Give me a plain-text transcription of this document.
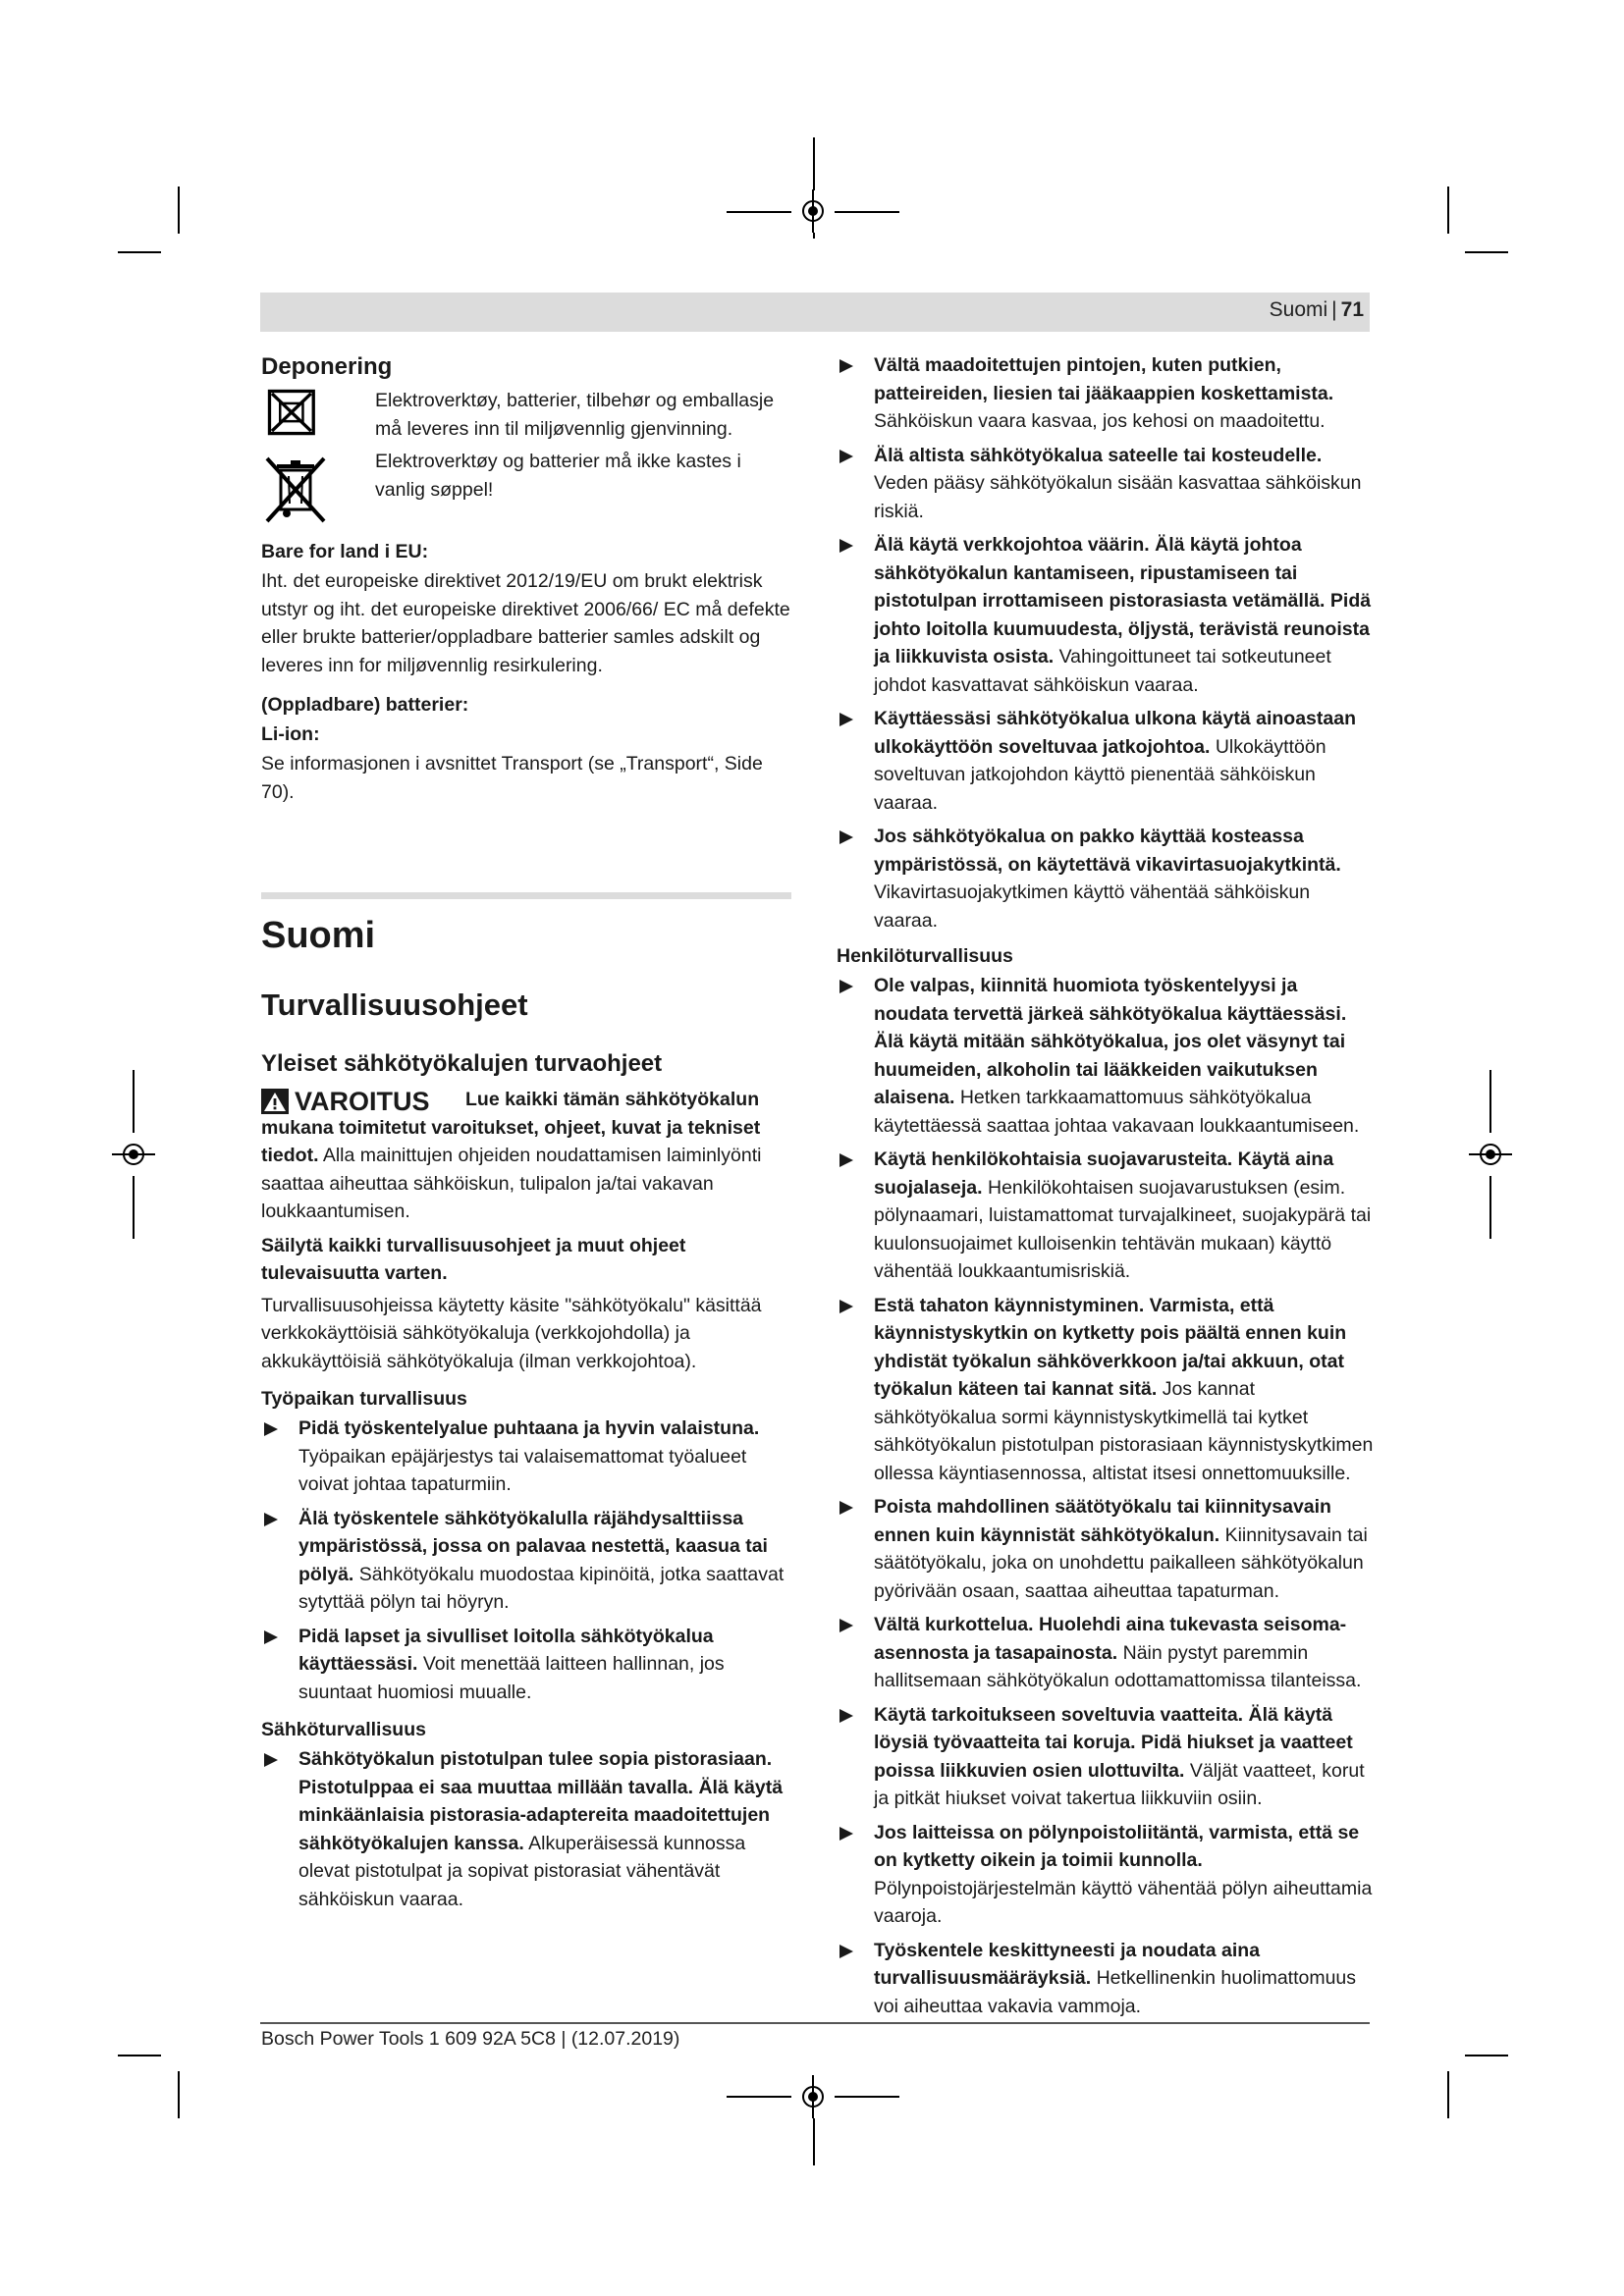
Suomi | 71
Deponering
Elektroverktøy, batterier, tilbehør og emballasje må leveres inn til miljøvennlig gjenvinning.
Elektroverktøy og batterier må ikke kastes i vanlig søppel!
Bare for land i EU:

Iht. det europeiske direktivet 2012/19/EU om brukt elektrisk utstyr og iht. det europeiske direktivet 2006/66/ EC må defekte eller brukte batterier/oppladbare batterier samles adskilt og leveres inn for miljøvennlig resirkulering.

(Oppladbare) batterier:
Li-ion:

Se informasjonen i avsnittet Transport (se „Transport“, Side 70).

Suomi
Turvallisuusohjeet
Yleiset sähkötyökalujen turvaohjeet
VAROITUS	Lue kaikki tämän sähkötyökalun mukana toimitetut varoitukset, ohjeet, kuvat ja tekniset tiedot. Alla mainittujen ohjeiden noudattamisen laiminlyönti saattaa aiheuttaa sähköiskun, tulipalon ja/tai vakavan loukkaantumisen.

Säilytä kaikki turvallisuusohjeet ja muut ohjeet tulevaisuutta varten.

Turvallisuusohjeissa käytetty käsite "sähkötyökalu" käsittää verkkokäyttöisiä sähkötyökaluja (verkkojohdolla) ja akkukäyttöisiä sähkötyökaluja (ilman verkkojohtoa).

Työpaikan turvallisuus
Pidä työskentelyalue puhtaana ja hyvin valaistuna. Työpaikan epäjärjestys tai valaisemattomat työalueet voivat johtaa tapaturmiin.
Älä työskentele sähkötyökalulla räjähdysalttiissa ympäristössä, jossa on palavaa nestettä, kaasua tai pölyä. Sähkötyökalu muodostaa kipinöitä, jotka saattavat sytyttää pölyn tai höyryn.
Pidä lapset ja sivulliset loitolla sähkötyökalua käyttäessäsi. Voit menettää laitteen hallinnan, jos suuntaat huomiosi muualle.
Sähköturvallisuus
Sähkötyökalun pistotulpan tulee sopia pistorasiaan. Pistotulppaa ei saa muuttaa millään tavalla. Älä käytä minkäänlaisia pistorasia-adaptereita maadoitettujen sähkötyökalujen kanssa. Alkuperäisessä kunnossa olevat pistotulpat ja sopivat pistorasiat vähentävät sähköiskun vaaraa.
Vältä maadoitettujen pintojen, kuten putkien, patteireiden, liesien tai jääkaappien koskettamista. Sähköiskun vaara kasvaa, jos kehosi on maadoitettu.
Älä altista sähkötyökalua sateelle tai kosteudelle. Veden pääsy sähkötyökalun sisään kasvattaa sähköiskun riskiä.
Älä käytä verkkojohtoa väärin. Älä käytä johtoa sähkötyökalun kantamiseen, ripustamiseen tai pistotulpan irrottamiseen pistorasiasta vetämällä. Pidä johto loitolla kuumuudesta, öljystä, terävistä reunoista ja liikkuvista osista. Vahingoittuneet tai sotkeutuneet johdot kasvattavat sähköiskun vaaraa.
Käyttäessäsi sähkötyökalua ulkona käytä ainoastaan ulkokäyttöön soveltuvaa jatkojohtoa. Ulkokäyttöön soveltuvan jatkojohdon käyttö pienentää sähköiskun vaaraa.
Jos sähkötyökalua on pakko käyttää kosteassa ympäristössä, on käytettävä vikavirtasuojakytkintä. Vikavirtasuojakytkimen käyttö vähentää sähköiskun vaaraa.
Henkilöturvallisuus
Ole valpas, kiinnitä huomiota työskentelyysi ja noudata tervettä järkeä sähkötyökalua käyttäessäsi. Älä käytä mitään sähkötyökalua, jos olet väsynyt tai huumeiden, alkoholin tai lääkkeiden vaikutuksen alaisena. Hetken tarkkaamattomuus sähkötyökalua käytettäessä saattaa johtaa vakavaan loukkaantumiseen.
Käytä henkilökohtaisia suojavarusteita. Käytä aina suojalaseja. Henkilökohtaisen suojavarustuksen (esim. pölynaamari, luistamattomat turvajalkineet, suojakypärä tai kuulonsuojaimet kulloisenkin tehtävän mukaan) käyttö vähentää loukkaantumisriskiä.
Estä tahaton käynnistyminen. Varmista, että käynnistyskytkin on kytketty pois päältä ennen kuin yhdistät työkalun sähköverkkoon ja/tai akkuun, otat työkalun käteen tai kannat sitä. Jos kannat sähkötyökalua sormi käynnistyskytkimellä tai kytket sähkötyökalun pistotulpan pistorasiaan käynnistyskytkimen ollessa käyntiasennossa, altistat itsesi onnettomuuksille.
Poista mahdollinen säätötyökalu tai kiinnitysavain ennen kuin käynnistät sähkötyökalun. Kiinnitysavain tai säätötyökalu, joka on unohdettu paikalleen sähkötyökalun pyörivään osaan, saattaa aiheuttaa tapaturman.
Vältä kurkottelua. Huolehdi aina tukevasta seisoma-asennosta ja tasapainosta. Näin pystyt paremmin hallitsemaan sähkötyökalun odottamattomissa tilanteissa.
Käytä tarkoitukseen soveltuvia vaatteita. Älä käytä löysiä työvaatteita tai koruja. Pidä hiukset ja vaatteet poissa liikkuvien osien ulottuvilta. Väljät vaatteet, korut ja pitkät hiukset voivat takertua liikkuviin osiin.
Jos laitteissa on pölynpoistoliitäntä, varmista, että se on kytketty oikein ja toimii kunnolla. Pölynpoistojärjestelmän käyttö vähentää pölyn aiheuttamia vaaroja.
Työskentele keskittyneesti ja noudata aina turvallisuusmääräyksiä. Hetkellinenkin huolimattomuus voi aiheuttaa vakavia vammoja.
Bosch Power Tools 1 609 92A 5C8 | (12.07.2019)
